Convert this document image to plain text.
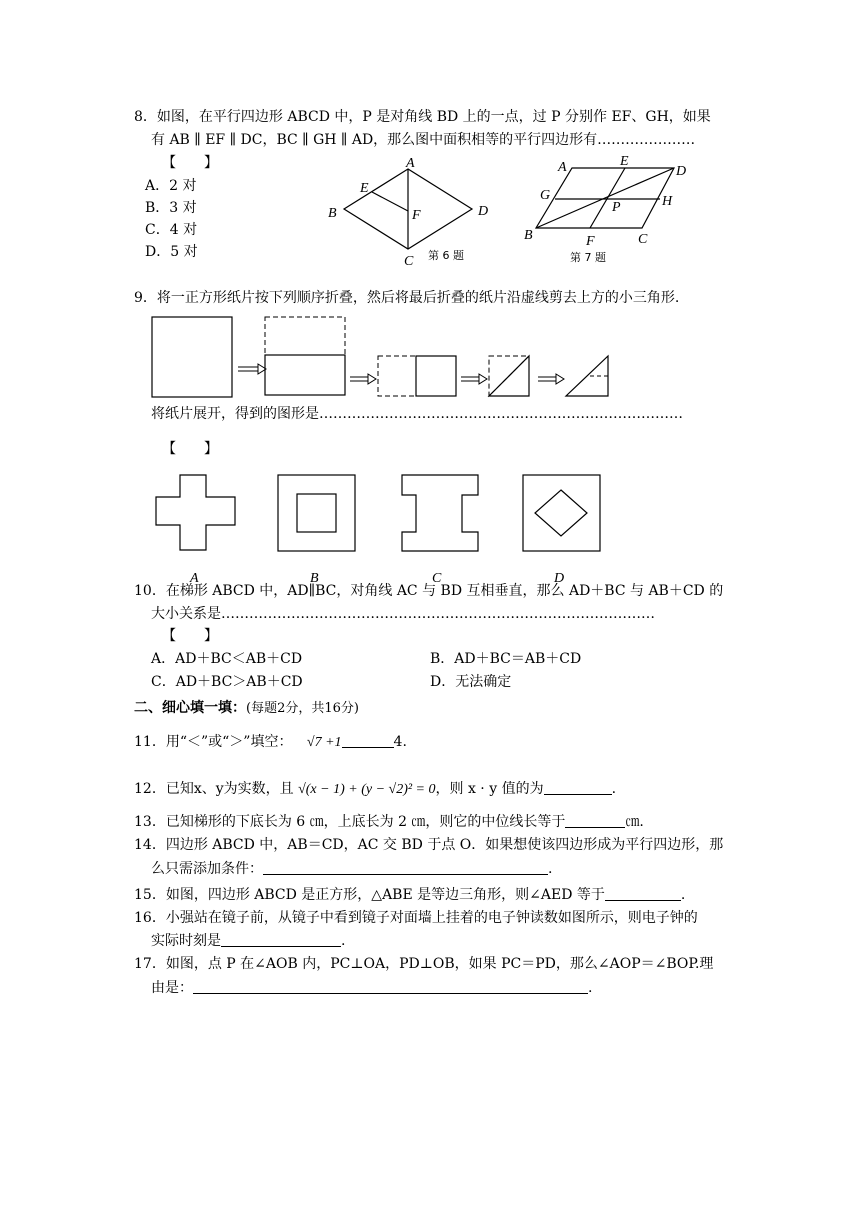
8．如图，在平行四边形 ABCD 中，P 是对角线 BD 上的一点，过 P 分别作 EF、GH，如果
有 AB ∥ EF ∥ DC，BC ∥ GH ∥ AD，那么图中面积相等的平行四边形有…………………
【　　】
A．2 对
B．3 对
C．4 对
D．5 对
A
E
B	F	D
C 第 6 题
A	E
D
G
P	H
B	F	C
第 7 题
9．将一正方形纸片按下列顺序折叠，然后将最后折叠的纸片沿虚线剪去上方的小三角形.
将纸片展开，得到的图形是……………………………………………………………………
【　　】
A	B	C	D
10．在梯形 ABCD 中，AD∥BC，对角线 AC 与 BD 互相垂直，那么 AD＋BC 与 AB＋CD 的
大小关系是…………………………………………………………………………………
【　　】
A．AD＋BC＜AB＋CD	B．AD＋BC＝AB＋CD
C．AD＋BC＞AB＋CD	D．无法确定
二、细心填一填：(每题2分，共16分)
11．用“＜”或“＞”填空： √7 +1	4.
12．已知x、y为实数，且 √(x − 1) + (y − √2)² = 0，则 x · y 值的为	.
13．已知梯形的下底长为 6 ㎝，上底长为 2 ㎝，则它的中位线长等于	㎝.
14．四边形 ABCD 中，AB＝CD，AC 交 BD 于点 O．如果想使该四边形成为平行四边形，那
么只需添加条件：	.
15．如图，四边形 ABCD 是正方形，△ABE 是等边三角形，则∠AED 等于	.
16．小强站在镜子前，从镜子中看到镜子对面墙上挂着的电子钟读数如图所示，则电子钟的
实际时刻是	.
17．如图，点 P 在∠AOB 内，PC⊥OA，PD⊥OB，如果 PC＝PD，那么∠AOP＝∠BOP.理
由是：	.
